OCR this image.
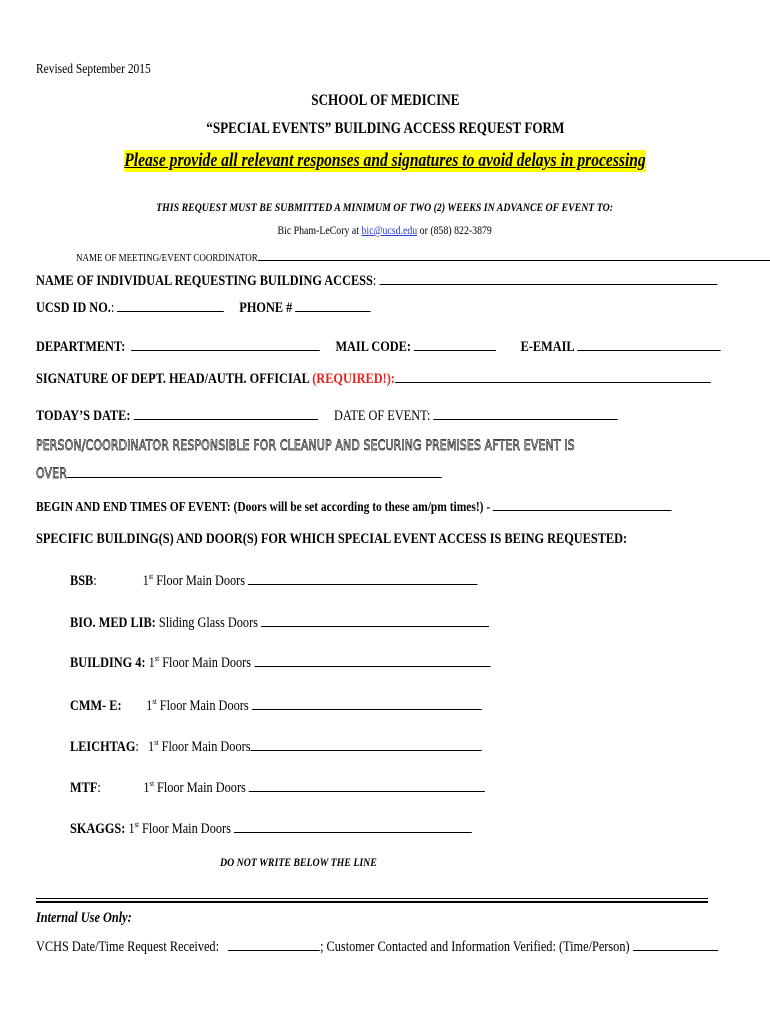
Revised September 2015
SCHOOL OF MEDICINE
“SPECIAL EVENTS” BUILDING ACCESS REQUEST FORM
Please provide all relevant responses and signatures to avoid delays in processing
THIS REQUEST MUST BE SUBMITTED A MINIMUM OF TWO (2) WEEKS IN ADVANCE OF EVENT TO:
Bic Pham-LeCory at bic@ucsd.edu or (858) 822-3879
NAME OF MEETING/EVENT COORDINATOR
NAME OF INDIVIDUAL REQUESTING BUILDING ACCESS:
UCSD ID NO.:	PHONE #
DEPARTMENT:	MAIL CODE:	E-EMAIL
SIGNATURE OF DEPT. HEAD/AUTH. OFFICIAL (REQUIRED!):
TODAY’S DATE:	DATE OF EVENT:
PERSON/COORDINATOR RESPONSIBLE FOR CLEANUP AND SECURING PREMISES AFTER EVENT IS
OVER
BEGIN AND END TIMES OF EVENT: (Doors will be set according to these am/pm times!) -
SPECIFIC BUILDING(S) AND DOOR(S) FOR WHICH SPECIAL EVENT ACCESS IS BEING REQUESTED:
BSB:	1st Floor Main Doors
BIO. MED LIB: Sliding Glass Doors
BUILDING 4: 1st Floor Main Doors
CMM- E: 1st Floor Main Doors
LEICHTAG: 1st Floor Main Doors
MTF:	1st Floor Main Doors
SKAGGS: 1st Floor Main Doors
DO NOT WRITE BELOW THE LINE
Internal Use Only:
VCHS Date/Time Request Received:	; Customer Contacted and Information Verified: (Time/Person)
